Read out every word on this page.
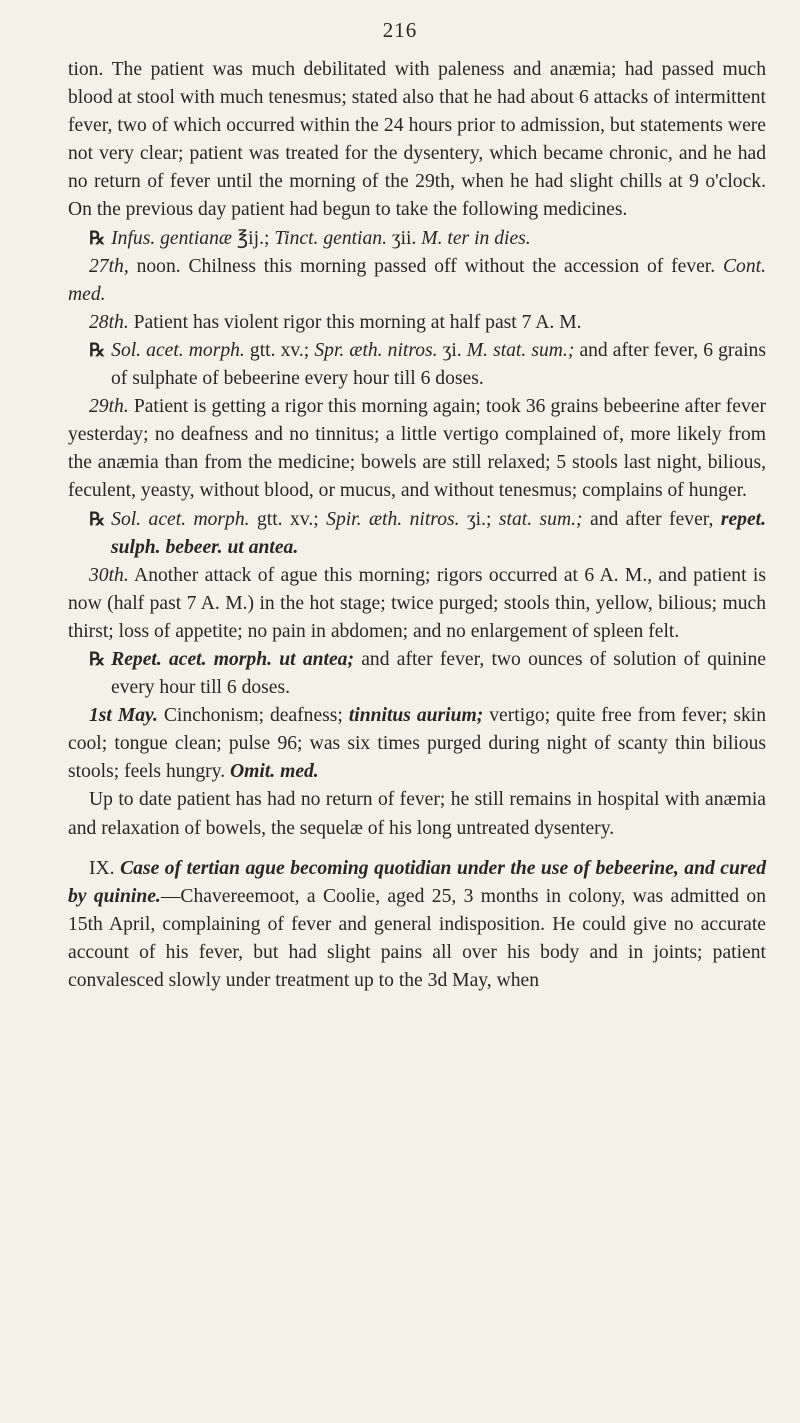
216

tion. The patient was much debilitated with paleness and anæmia; had passed much blood at stool with much tenesmus; stated also that he had about 6 attacks of intermittent fever, two of which occurred within the 24 hours prior to admission, but statements were not very clear; patient was treated for the dysentery, which became chronic, and he had no return of fever until the morning of the 29th, when he had slight chills at 9 o'clock. On the previous day patient had begun to take the following medicines.

℞ Infus. gentianæ ℥ij.; Tinct. gentian. ʒii. M. ter in dies.

27th, noon. Chilness this morning passed off without the accession of fever. Cont. med.

28th. Patient has violent rigor this morning at half past 7 A. M.

℞ Sol. acet. morph. gtt. xv.; Spr. æth. nitros. ʒi. M. stat. sum.; and after fever, 6 grains of sulphate of bebeerine every hour till 6 doses.

29th. Patient is getting a rigor this morning again; took 36 grains bebeerine after fever yesterday; no deafness and no tinnitus; a little vertigo complained of, more likely from the anæmia than from the medicine; bowels are still relaxed; 5 stools last night, bilious, feculent, yeasty, without blood, or mucus, and without tenesmus; complains of hunger.

℞ Sol. acet. morph. gtt. xv.; Spir. æth. nitros. ʒi.; stat. sum.; and after fever, repet. sulph. bebeer. ut antea.

30th. Another attack of ague this morning; rigors occurred at 6 A. M., and patient is now (half past 7 A. M.) in the hot stage; twice purged; stools thin, yellow, bilious; much thirst; loss of appetite; no pain in abdomen; and no enlargement of spleen felt.

℞ Repet. acet. morph. ut antea; and after fever, two ounces of solution of quinine every hour till 6 doses.

1st May. Cinchonism; deafness; tinnitus aurium; vertigo; quite free from fever; skin cool; tongue clean; pulse 96; was six times purged during night of scanty thin bilious stools; feels hungry. Omit. med.

Up to date patient has had no return of fever; he still remains in hospital with anæmia and relaxation of bowels, the sequelæ of his long untreated dysentery.

IX. Case of tertian ague becoming quotidian under the use of bebeerine, and cured by quinine.—Chavereemoot, a Coolie, aged 25, 3 months in colony, was admitted on 15th April, complaining of fever and general indisposition. He could give no accurate account of his fever, but had slight pains all over his body and in joints; patient convalesced slowly under treatment up to the 3d May, when
